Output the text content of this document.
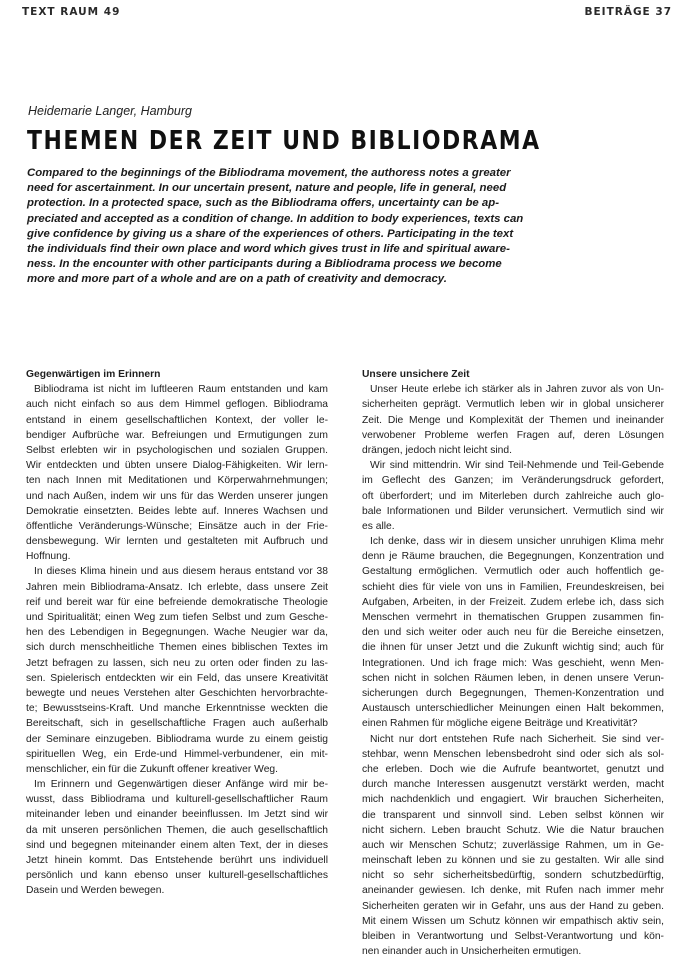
TEXT RAUM 49	BEITRÄGE 37
Heidemarie Langer, Hamburg
THEMEN DER ZEIT UND BIBLIODRAMA
Compared to the beginnings of the Bibliodrama movement, the authoress notes a greater
need for ascertainment. In our uncertain present, nature and people, life in general, need
protection. In a protected space, such as the Bibliodrama offers, uncertainty can be ap-
preciated and accepted as a condition of change. In addition to body experiences, texts can
give confidence by giving us a share of the experiences of others. Participating in the text
the individuals find their own place and word which gives trust in life and spiritual aware-
ness. In the encounter with other participants during a Bibliodrama process we become
more and more part of a whole and are on a path of creativity and democracy.
Gegenwärtigen im Erinnern
Bibliodrama ist nicht im luftleeren Raum entstanden und kam
auch nicht einfach so aus dem Himmel geflogen. Bibliodrama
entstand in einem gesellschaftlichen Kontext, der voller le-
bendiger Aufbrüche war. Befreiungen und Ermutigungen zum
Selbst erlebten wir in psychologischen und sozialen Gruppen.
Wir entdeckten und übten unsere Dialog-Fähigkeiten. Wir lern-
ten nach Innen mit Meditationen und Körperwahrnehmungen;
und nach Außen, indem wir uns für das Werden unserer jungen
Demokratie einsetzten. Beides lebte auf. Inneres Wachsen und
öffentliche Veränderungs-Wünsche; Einsätze auch in der Frie-
densbewegung. Wir lernten und gestalteten mit Aufbruch und
Hoffnung.
In dieses Klima hinein und aus diesem heraus entstand vor 38
Jahren mein Bibliodrama-Ansatz. Ich erlebte, dass unsere Zeit
reif und bereit war für eine befreiende demokratische Theologie
und Spiritualität; einen Weg zum tiefen Selbst und zum Gesche-
hen des Lebendigen in Begegnungen. Wache Neugier war da,
sich durch menschheitliche Themen eines biblischen Textes im
Jetzt befragen zu lassen, sich neu zu orten oder finden zu las-
sen. Spielerisch entdeckten wir ein Feld, das unsere Kreativität
bewegte und neues Verstehen alter Geschichten hervorbrachte-
te; Bewusstseins-Kraft. Und manche Erkenntnisse weckten die
Bereitschaft, sich in gesellschaftliche Fragen auch außerhalb
der Seminare einzugeben. Bibliodrama wurde zu einem geistig
spirituellen Weg, ein Erde-und Himmel-verbundener, ein mit-
menschlicher, ein für die Zukunft offener kreativer Weg.
Im Erinnern und Gegenwärtigen dieser Anfänge wird mir be-
wusst, dass Bibliodrama und kulturell-gesellschaftlicher Raum
miteinander leben und einander beeinflussen. Im Jetzt sind wir
da mit unseren persönlichen Themen, die auch gesellschaftlich
sind und begegnen miteinander einem alten Text, der in dieses
Jetzt hinein kommt. Das Entstehende berührt uns individuell
persönlich und kann ebenso unser kulturell-gesellschaftliches
Dasein und Werden bewegen.
Unsere unsichere Zeit
Unser Heute erlebe ich stärker als in Jahren zuvor als von Un-
sicherheiten geprägt. Vermutlich leben wir in global unsicherer
Zeit. Die Menge und Komplexität der Themen und ineinander
verwobener Probleme werfen Fragen auf, deren Lösungen
drängen, jedoch nicht leicht sind.
Wir sind mittendrin. Wir sind Teil-Nehmende und Teil-Gebende
im Geflecht des Ganzen; im Veränderungsdruck gefordert,
oft überfordert; und im Miterleben durch zahlreiche auch glo-
bale Informationen und Bilder verunsichert. Vermutlich sind wir
es alle.
Ich denke, dass wir in diesem unsicher unruhigen Klima mehr
denn je Räume brauchen, die Begegnungen, Konzentration und
Gestaltung ermöglichen. Vermutlich oder auch hoffentlich ge-
schieht dies für viele von uns in Familien, Freundeskreisen, bei
Aufgaben, Arbeiten, in der Freizeit. Zudem erlebe ich, dass sich
Menschen vermehrt in thematischen Gruppen zusammen fin-
den und sich weiter oder auch neu für die Bereiche einsetzen,
die ihnen für unser Jetzt und die Zukunft wichtig sind; auch für
Integrationen. Und ich frage mich: Was geschieht, wenn Men-
schen nicht in solchen Räumen leben, in denen unsere Verun-
sicherungen durch Begegnungen, Themen-Konzentration und
Austausch unterschiedlicher Meinungen einen Halt bekommen,
einen Rahmen für mögliche eigene Beiträge und Kreativität?
Nicht nur dort entstehen Rufe nach Sicherheit. Sie sind ver-
stehbar, wenn Menschen lebensbedroht sind oder sich als sol-
che erleben. Doch wie die Aufrufe beantwortet, genutzt und
durch manche Interessen ausgenutzt verstärkt werden, macht
mich nachdenklich und engagiert. Wir brauchen Sicherheiten,
die transparent und sinnvoll sind. Leben selbst können wir
nicht sichern. Leben braucht Schutz. Wie die Natur brauchen
auch wir Menschen Schutz; zuverlässige Rahmen, um in Ge-
meinschaft leben zu können und sie zu gestalten. Wir alle sind
nicht so sehr sicherheitsbedürftig, sondern schutzbedürftig,
aneinander gewiesen. Ich denke, mit Rufen nach immer mehr
Sicherheiten geraten wir in Gefahr, uns aus der Hand zu geben.
Mit einem Wissen um Schutz können wir empathisch aktiv sein,
bleiben in Verantwortung und Selbst-Verantwortung und kön-
nen einander auch in Unsicherheiten ermutigen.
